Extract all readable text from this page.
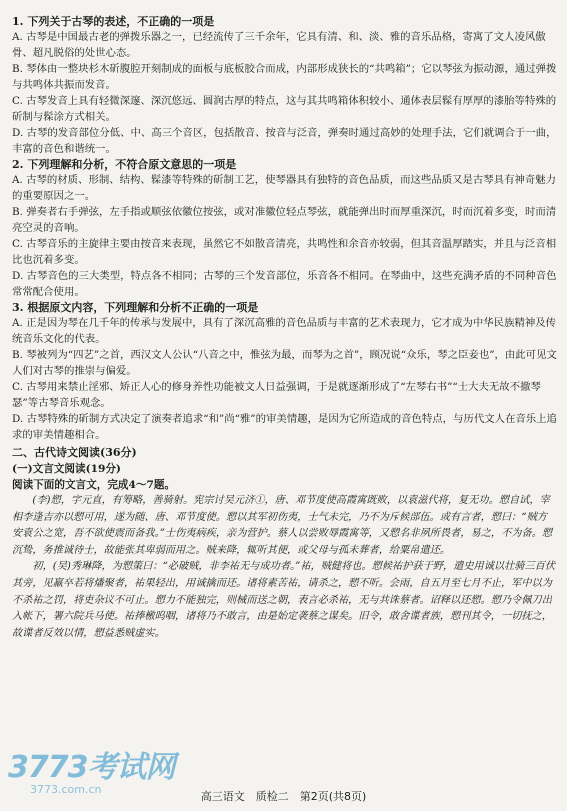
1. 下列关于古琴的表述，不正确的一项是

A. 古琴是中国最古老的弹拨乐器之一，已经流传了三千余年，它具有清、和、淡、雅的音乐品格，寄寓了文人凌风傲骨、超凡脱俗的处世心态。

B. 琴体由一整块杉木斫腹腔开刻制成的面板与底板胶合而成，内部形成狭长的“共鸣箱”；它以琴弦为振动源，通过弹拨与共鸣体共振而发音。

C. 古琴发音上具有轻微深邃、深沉悠远、圆润古厚的特点，这与其共鸣箱体积较小、通体表层髹有厚厚的漆胎等特殊的斫制与髹涂方式相关。

D. 古琴的发音部位分低、中、高三个音区，包括散音、按音与泛音，弹奏时通过高妙的处理手法，它们就调合于一曲，丰富的音色和谐统一。

2. 下列理解和分析，不符合原文意思的一项是

A. 古琴的材质、形制、结构、髹漆等特殊的斫制工艺，使琴器具有独特的音色品质，而这些品质又是古琴具有神奇魅力的重要原因之一。

B. 弹奏者右手弹弦，左手指或顺弦依徽位按弦，或对准徽位轻点琴弦，就能弹出时而厚重深沉，时而沉着多变，时而清亮空灵的音响。

C. 古琴音乐的主旋律主要由按音来表现，虽然它不如散音清亮，共鸣性和余音亦较弱，但其音温厚踏实，并且与泛音相比也沉着多变。

D. 古琴音色的三大类型，特点各不相同；古琴的三个发音部位，乐音各不相同。在琴曲中，这些充满矛盾的不同种音色常常配合使用。

3. 根据原文内容，下列理解和分析不正确的一项是

A. 正是因为琴在几千年的传承与发展中，具有了深沉高雅的音色品质与丰富的艺术表现力，它才成为中华民族精神及传统音乐文化的代表。

B. 琴被列为“四艺”之首，西汉文人公认“八音之中，惟弦为最，而琴为之首”，顾况说“众乐，琴之臣妾也”，由此可见文人们对古琴的推崇与偏爱。

C. 古琴用来禁止淫邪、矫正人心的修身养性功能被文人日益强调，于是就逐渐形成了“左琴右书”“士大夫无故不撤琴瑟”等古琴音乐观念。

D. 古琴特殊的斫制方式决定了演奏者追求“和”尚“雅”的审美情趣，是因为它所造成的音色特点，与历代文人在音乐上追求的审美情趣相合。

二、古代诗文阅读(36分)

(一)文言文阅读(19分)

阅读下面的文言文，完成4～7题。

(李)愬，字元直，有筹略，善骑射。宪宗讨吴元济①，唐、邓节度使高霞寓既败，以袁滋代将，复无功。愬自试，宰相李逢吉亦以愬可用，遂为随、唐、邓节度使。愬以其军初伤夷，士气未完，乃不为斥候部伍。或有言者，愬曰：“贼方安袁公之宽，吾不欲使震而备我。”士伤夷病疾，亲为营护。蔡人以尝败辱霞寓等，又愬名非夙所畏者，易之，不为备。愬沉鸷，务推诚待士，故能张其卑弱而用之。贼来降，辄听其便，或父母与孤未葬者，给粟帛遣还。

初，(吴)秀琳降，为愬策曰：“必破贼，非李祐无与成功者。”祐，贼健将也。愬候祐护获于野，遣史用诚以壮骑三百伏其旁，见羸卒若将燔聚者，祐果轻出，用诚擒而还。诸将素苦祐，请杀之，愬不听。会雨，自五月至七月不止，军中以为不杀祐之罚，将吏杂议不可止。愬力不能独完，则械而送之朝，表言必杀祐，无与共诛蔡者。诏释以还愬。愬乃令佩刀出入帐下，署六院兵马使。祐捧檄呜咽，诸将乃不敢言，由是始定袭蔡之谋矣。旧令，敢舍谍者族，愬刊其令，一切抚之，故谍者反效以情，愬益悉贼虚实。

3773考试网
3773.com.cn
高三语文　质检二　第2页(共8页)
